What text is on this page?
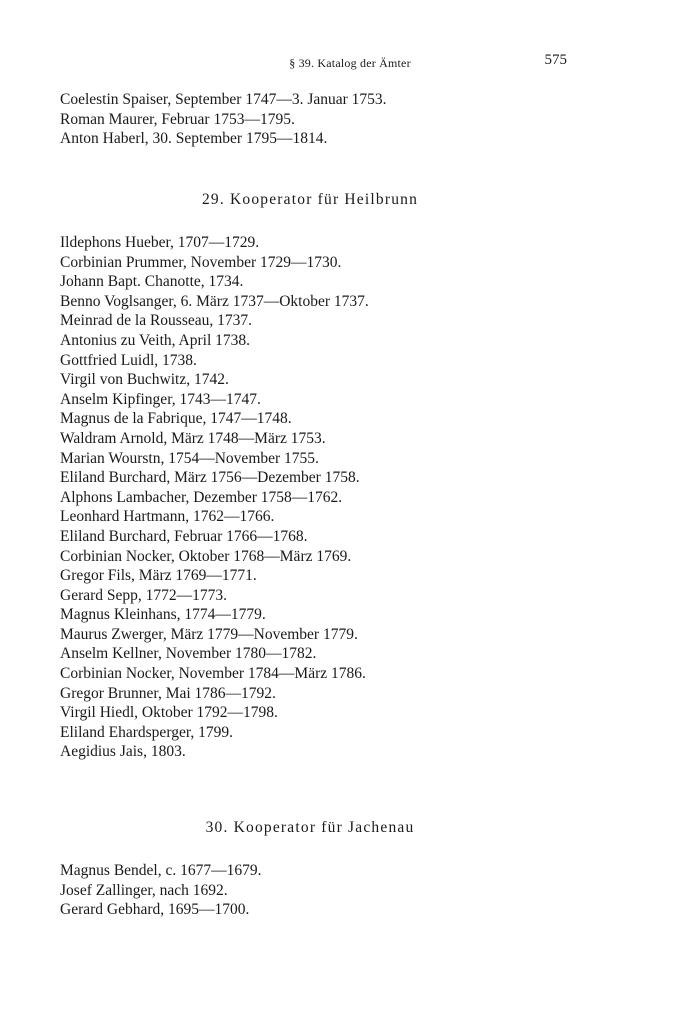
§ 39. Katalog der Ämter	575
Coelestin Spaiser, September 1747—3. Januar 1753.
Roman Maurer, Februar 1753—1795.
Anton Haberl, 30. September 1795—1814.
29. Kooperator für Heilbrunn
Ildephons Hueber, 1707—1729.
Corbinian Prummer, November 1729—1730.
Johann Bapt. Chanotte, 1734.
Benno Voglsanger, 6. März 1737—Oktober 1737.
Meinrad de la Rousseau, 1737.
Antonius zu Veith, April 1738.
Gottfried Luidl, 1738.
Virgil von Buchwitz, 1742.
Anselm Kipfinger, 1743—1747.
Magnus de la Fabrique, 1747—1748.
Waldram Arnold, März 1748—März 1753.
Marian Wourstn, 1754—November 1755.
Eliland Burchard, März 1756—Dezember 1758.
Alphons Lambacher, Dezember 1758—1762.
Leonhard Hartmann, 1762—1766.
Eliland Burchard, Februar 1766—1768.
Corbinian Nocker, Oktober 1768—März 1769.
Gregor Fils, März 1769—1771.
Gerard Sepp, 1772—1773.
Magnus Kleinhans, 1774—1779.
Maurus Zwerger, März 1779—November 1779.
Anselm Kellner, November 1780—1782.
Corbinian Nocker, November 1784—März 1786.
Gregor Brunner, Mai 1786—1792.
Virgil Hiedl, Oktober 1792—1798.
Eliland Ehardsperger, 1799.
Aegidius Jais, 1803.
30. Kooperator für Jachenau
Magnus Bendel, c. 1677—1679.
Josef Zallinger, nach 1692.
Gerard Gebhard, 1695—1700.
